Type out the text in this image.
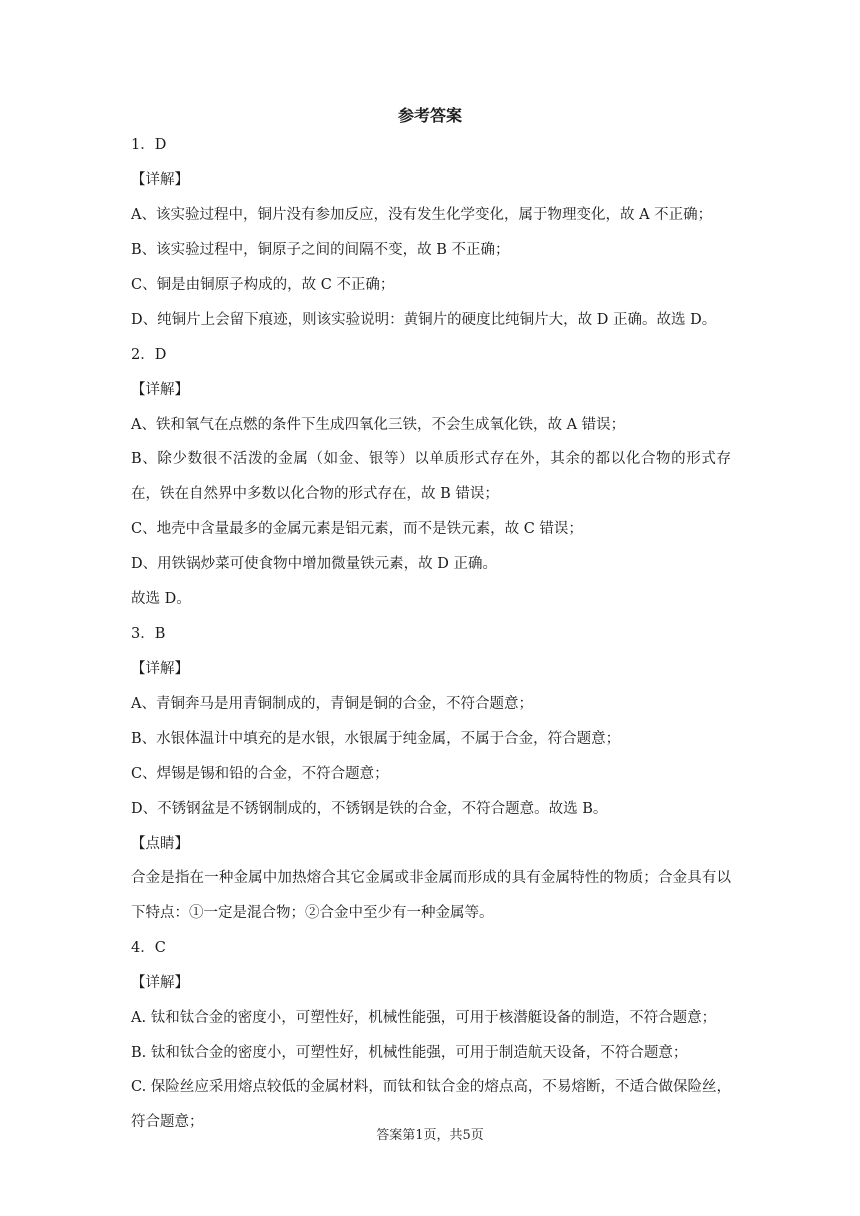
参考答案
1．D
【详解】
A、该实验过程中，铜片没有参加反应，没有发生化学变化，属于物理变化，故 A 不正确；
B、该实验过程中，铜原子之间的间隔不变，故 B 不正确；
C、铜是由铜原子构成的，故 C 不正确；
D、纯铜片上会留下痕迹，则该实验说明：黄铜片的硬度比纯铜片大，故 D 正确。故选 D。
2．D
【详解】
A、铁和氧气在点燃的条件下生成四氧化三铁，不会生成氧化铁，故 A 错误；
B、除少数很不活泼的金属（如金、银等）以单质形式存在外，其余的都以化合物的形式存在，铁在自然界中多数以化合物的形式存在，故 B 错误；
C、地壳中含量最多的金属元素是铝元素，而不是铁元素，故 C 错误；
D、用铁锅炒菜可使食物中增加微量铁元素，故 D 正确。
故选 D。
3．B
【详解】
A、青铜奔马是用青铜制成的，青铜是铜的合金，不符合题意；
B、水银体温计中填充的是水银，水银属于纯金属，不属于合金，符合题意；
C、焊锡是锡和铅的合金，不符合题意；
D、不锈钢盆是不锈钢制成的，不锈钢是铁的合金，不符合题意。故选 B。
【点睛】
合金是指在一种金属中加热熔合其它金属或非金属而形成的具有金属特性的物质；合金具有以下特点：①一定是混合物；②合金中至少有一种金属等。
4．C
【详解】
A. 钛和钛合金的密度小，可塑性好，机械性能强，可用于核潜艇设备的制造，不符合题意；
B. 钛和钛合金的密度小，可塑性好，机械性能强，可用于制造航天设备，不符合题意；
C. 保险丝应采用熔点较低的金属材料，而钛和钛合金的熔点高，不易熔断，不适合做保险丝，符合题意；
答案第1页，共5页
